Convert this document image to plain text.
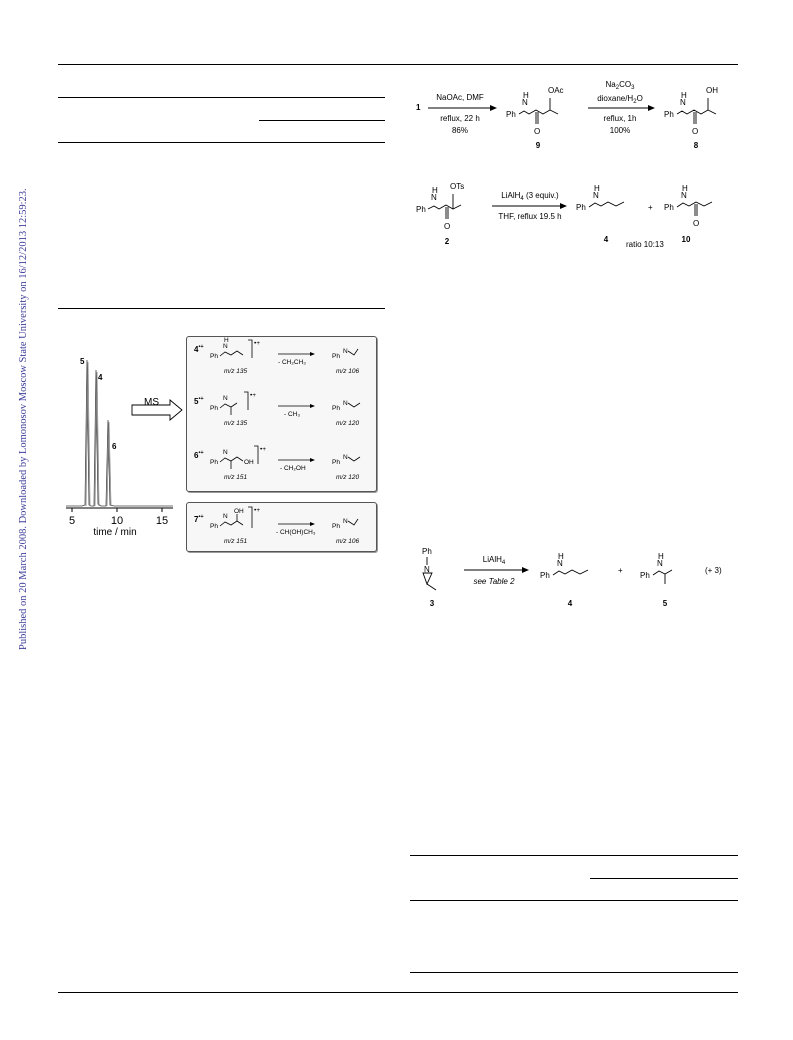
Published on 20 March 2008. Downloaded by Lomonosov Moscow State University on 16/12/2013 12:59:23.
1
NaOAc, DMF
reflux, 22 h
86%
Ph
N
H
O
OAc
9
$Na_2CO_3$
dioxane/$H_2O$
reflux, 1h
100%
Ph
N
H
O
OH
8
Ph
N
H
O
OTs
2
LiAlH$_4$ (3 equiv.)
THF, reflux 19.5 h
Ph
N
H
4
+ Ph
N
H
O
10
ratio 10:13
5	10	15
time / min
5
4
6
MS
4•+
Ph
N
H	•+
m/z 135
- CH₂CH₃
Ph
N
m/z 106
5•+
Ph
N	•+
m/z 135
- CH₃
Ph
N
m/z 120
6•+
Ph	OH
N	•+
m/z 151
- CH₂OH
Ph
N
m/z 120
7•+
Ph
OH
N
•+
m/z 151
- CH(OH)CH₃
Ph
N
m/z 106
Ph
N
3
LiAlH$_4$
see Table 2
Ph
N
H
4
+
Ph
N
H
5
(+ 3)
